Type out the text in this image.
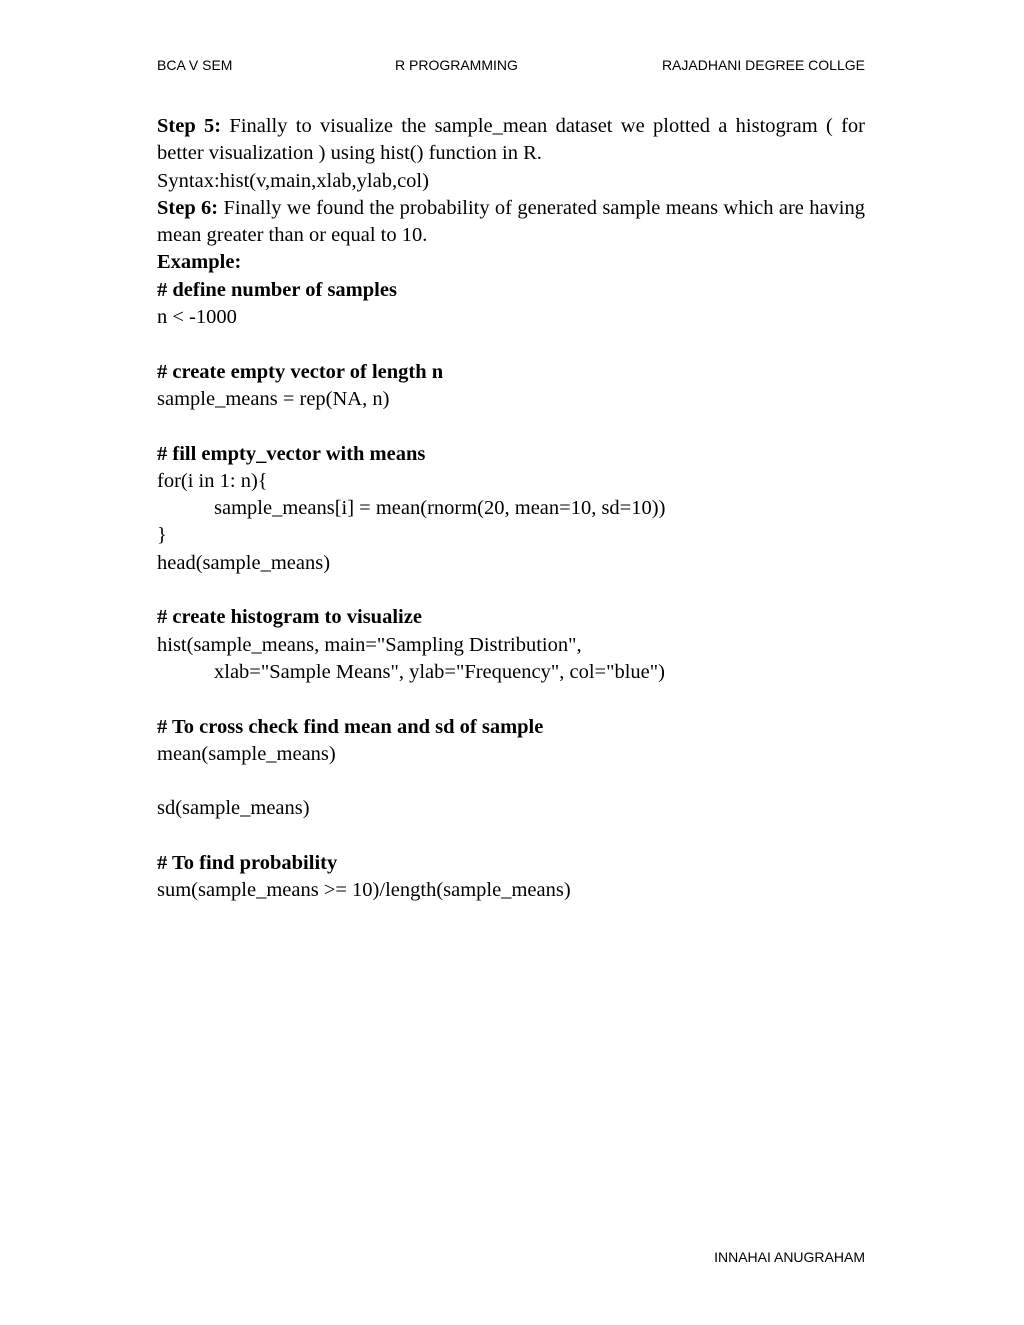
BCA V SEM	R PROGRAMMING	RAJADHANI DEGREE COLLGE
Step 5: Finally to visualize the sample_mean dataset we plotted a histogram ( for better visualization ) using hist() function in R.
Syntax:hist(v,main,xlab,ylab,col)
Step 6: Finally we found the probability of generated sample means which are having mean greater than or equal to 10.
Example:
# define number of samples
n < -1000
# create empty vector of length n
sample_means = rep(NA, n)
# fill empty_vector with means
for(i in 1: n){
sample_means[i] = mean(rnorm(20, mean=10, sd=10))
}
head(sample_means)
# create histogram to visualize
hist(sample_means, main="Sampling Distribution",
xlab="Sample Means", ylab="Frequency", col="blue")
# To cross check find mean and sd of sample
mean(sample_means)
sd(sample_means)
# To find probability
sum(sample_means >= 10)/length(sample_means)
INNAHAI ANUGRAHAM
